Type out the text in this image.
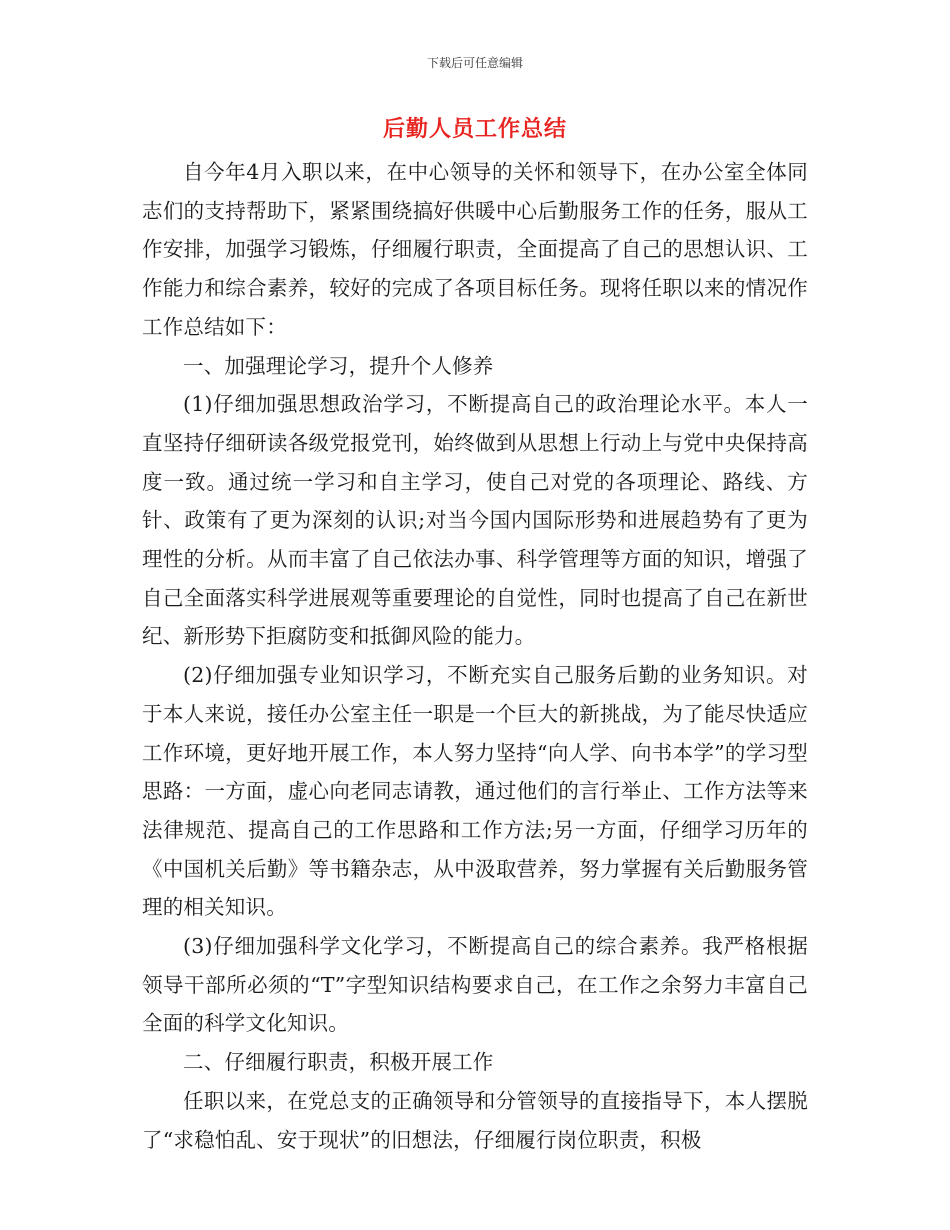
下载后可任意编辑
后勤人员工作总结

自今年4月入职以来，在中心领导的关怀和领导下，在办公室全体同志们的支持帮助下，紧紧围绕搞好供暖中心后勤服务工作的任务，服从工作安排，加强学习锻炼，仔细履行职责，全面提高了自己的思想认识、工作能力和综合素养，较好的完成了各项目标任务。现将任职以来的情况作工作总结如下：

一、加强理论学习，提升个人修养

(1)仔细加强思想政治学习，不断提高自己的政治理论水平。本人一直坚持仔细研读各级党报党刊，始终做到从思想上行动上与党中央保持高度一致。通过统一学习和自主学习，使自己对党的各项理论、路线、方针、政策有了更为深刻的认识;对当今国内国际形势和进展趋势有了更为理性的分析。从而丰富了自己依法办事、科学管理等方面的知识，增强了自己全面落实科学进展观等重要理论的自觉性，同时也提高了自己在新世纪、新形势下拒腐防变和抵御风险的能力。

(2)仔细加强专业知识学习，不断充实自己服务后勤的业务知识。对于本人来说，接任办公室主任一职是一个巨大的新挑战，为了能尽快适应工作环境，更好地开展工作，本人努力坚持“向人学、向书本学”的学习型思路：一方面，虚心向老同志请教，通过他们的言行举止、工作方法等来法律规范、提高自己的工作思路和工作方法;另一方面，仔细学习历年的《中国机关后勤》等书籍杂志，从中汲取营养，努力掌握有关后勤服务管理的相关知识。

(3)仔细加强科学文化学习，不断提高自己的综合素养。我严格根据领导干部所必须的“T”字型知识结构要求自己，在工作之余努力丰富自己全面的科学文化知识。

二、仔细履行职责，积极开展工作

任职以来，在党总支的正确领导和分管领导的直接指导下，本人摆脱了“求稳怕乱、安于现状”的旧想法，仔细履行岗位职责，积极
